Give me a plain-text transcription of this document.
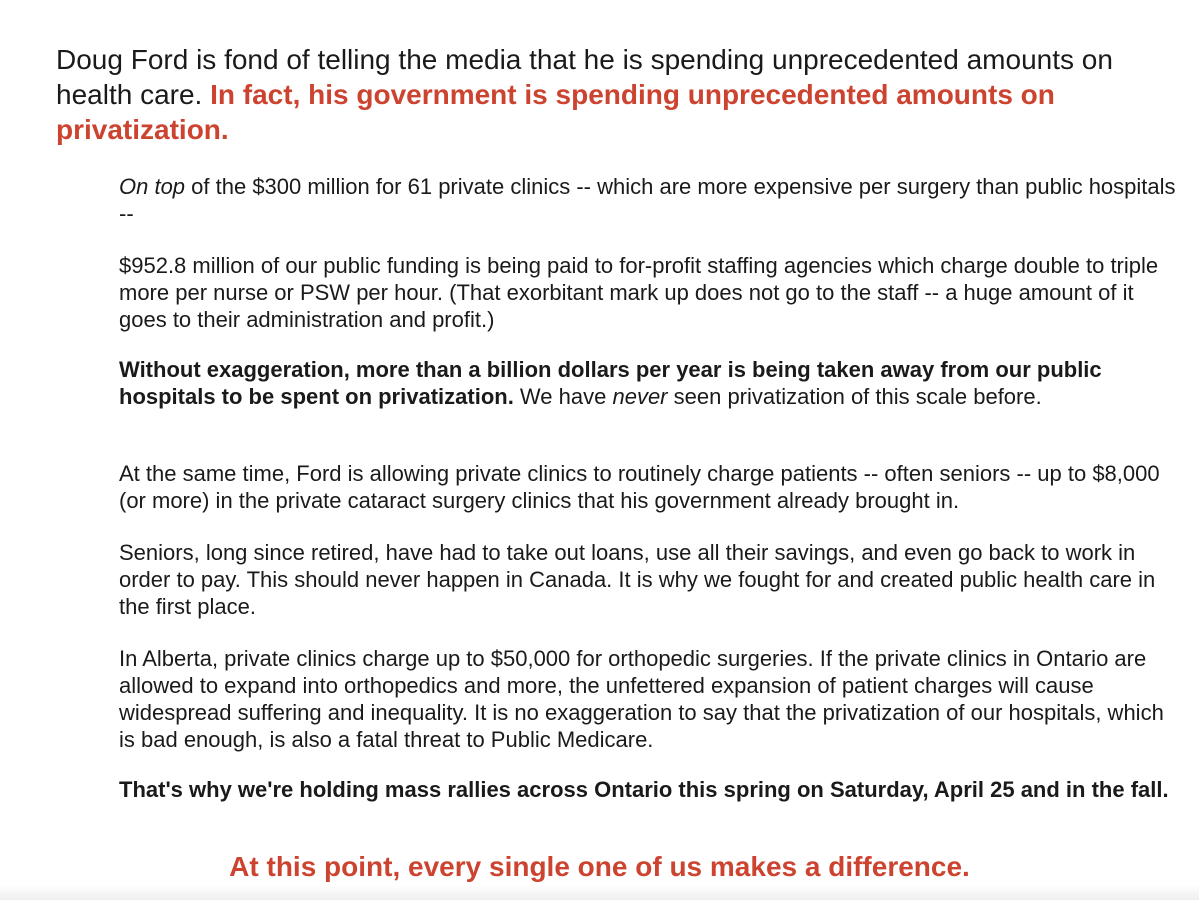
Doug Ford is fond of telling the media that he is spending unprecedented amounts on health care. In fact, his government is spending unprecedented amounts on privatization.

On top of the $300 million for 61 private clinics -- which are more expensive per surgery than public hospitals --

$952.8 million of our public funding is being paid to for-profit staffing agencies which charge double to triple more per nurse or PSW per hour. (That exorbitant mark up does not go to the staff -- a huge amount of it goes to their administration and profit.)

Without exaggeration, more than a billion dollars per year is being taken away from our public hospitals to be spent on privatization. We have never seen privatization of this scale before.

At the same time, Ford is allowing private clinics to routinely charge patients -- often seniors -- up to $8,000 (or more) in the private cataract surgery clinics that his government already brought in.

Seniors, long since retired, have had to take out loans, use all their savings, and even go back to work in order to pay. This should never happen in Canada. It is why we fought for and created public health care in the first place.

In Alberta, private clinics charge up to $50,000 for orthopedic surgeries. If the private clinics in Ontario are allowed to expand into orthopedics and more, the unfettered expansion of patient charges will cause widespread suffering and inequality. It is no exaggeration to say that the privatization of our hospitals, which is bad enough, is also a fatal threat to Public Medicare.

That's why we're holding mass rallies across Ontario this spring on Saturday, April 25 and in the fall.

At this point, every single one of us makes a difference.
